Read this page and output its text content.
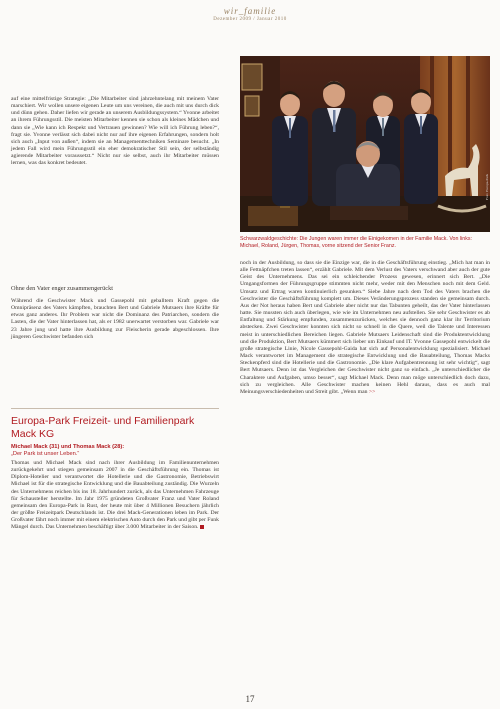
wir_familie
Dezember 2009 / Januar 2010
Foto: Europa-Park
Schwarzwaldgeschichte: Die Jungen waren immer die Einigekomen in der Familie Mack. Von links: Michael, Roland, Jürgen, Thomas, vorne sitzend der Senior Franz.

auf eine mittelfristige Strategie: „Die Mitarbeiter sind jahrzehntelang mit meinem Vater marschiert. Wir wollen unsere eigenen Leute um uns vereinen, die auch mit uns durch dick und dünn gehen. Daher liefen wir gerade an unserem Ausbildungssystem.“ Yvonne arbeitet an ihrem Führungsstil. Die meisten Mitarbeiter kennen sie schon als kleines Mädchen und dann sie „Wie kann ich Respekt und Vertrauen gewinnen? Wie will ich Führung leben?“, fragt sie. Yvonne verlässt sich dabei nicht nur auf ihre eigenen Erfahrungen, sondern holt sich auch „Input von außen“, indem sie an Managementtechniken Seminare besucht. „In jedem Fall wird mein Führungsstil ein eher demokratischer Stil sein, der selbständig agierende Mitarbeiter voraussetzt.“ Nicht nur sie selbst, auch ihr Mitarbeiter müssen lernen, was das konkret bedeutet.

Ohne den Vater enger zusammengerückt

Während die Geschwister Mack und Gassepohl mit geballtem Kraft gegen die Omnipräsenz des Vaters kämpften, brauchten Bert und Gabriele Mutsaers ihre Kräfte für etwas ganz anderes. Ihr Problem war nicht die Dominanz des Patriarchen, sondern die Lasten, die der Vater hinterlassen hat, als er 1982 unerwartet verstorben war. Gabriele war 23 Jahre jung und hatte ihre Ausbildung zur Fleischerin gerade abgeschlossen. Ihre jüngeren Geschwister befanden sich

Europa-Park Freizeit- und Familienpark Mack KG
Michael Mack (31) und Thomas Mack (28):
„Der Park ist unser Leben.“

Thomas und Michael Mack sind nach ihrer Ausbildung im Familienunternehmen zurückgekehrt und stiegen gemeinsam 2007 in die Geschäftsführung ein. Thomas ist Diplom-Hotelier und verantwortet die Hotellerie und die Gastronomie, Betriebswirt Michael ist für die strategische Entwicklung und die Bauabteilung zuständig. Die Wurzeln des Unternehmens reichen bis ins 18. Jahrhundert zurück, als das Unternehmen Fahrzeuge für Schausteller herstellte. Im Jahr 1975 gründeten Großvater Franz und Vater Roland gemeinsam den Europa-Park in Rust, der heute mit über 4 Millionen Besuchern jährlich der größte Freizeitpark Deutschlands ist. Die drei Mack-Generationen leben im Park. Der Großvater fährt noch immer mit einem elektrischen Auto durch den Park und gibt per Funk Mängel durch. Das Unternehmen beschäftigt über 3.000 Mitarbeiter in der Saison.

noch in der Ausbildung, so dass sie die Einzige war, die in die Geschäftsführung einstieg. „Mich hat man in alle Fettnäpfchen treten lassen“, erzählt Gabriele. Mit dem Verlust des Vaters verschwand aber auch der gute Geist des Unternehmens. Das sei ein schleichender Prozess gewesen, erinnert sich Bert. „Die Umgangsformen der Führungsgruppe stimmten nicht mehr, weder mit den Menschen noch mit dem Geld. Umsatz und Ertrag waren kontinuierlich gesunken.“ Siebe Jahre nach dem Tod des Vaters brachen die Geschwister die Geschäftsführung komplett um. Dieses Veränderungsprozess standen sie gemeinsam durch. Aus der Not heraus haben Bert und Gabriele aber nicht nur das Tabunten geheilt, das der Vater hinterlassen hatte. Sie mussten sich auch überlegen, wie wie im Unternehmen neu aufstellen. Sie sehr Geschwister es ab Entfaltung und Stärkung empfunden, zusammenzurücken, welches sie dennoch ganz klar ihr Territorium abstecken. Zwei Geschwister konnten sich nicht so schnell in die Quere, weil die Talente und Interessen meist in unterschiedlichen Bereichen liegen. Gabriele Mutsaers Leidenschaft sind die Produktentwicklung und die Produktion, Bert Mutsaers kümmert sich lieber um Einkauf und IT. Yvonne Gassepohl entwickelt die große strategische Linie, Nicole Gassepohl-Gaida hat sich auf Personalentwicklung spezialisiert. Michael Mack verantwortet im Management die strategische Entwicklung und die Bauabteilung, Thomas Macks Steckenpferd sind die Hotellerie und die Gastronomie. „Die klare Aufgabentrennung ist sehr wichtig“, sagt Bert Mutsaers. Denn ist das Vergleichen der Geschwister nicht ganz so einfach. „Je unterschiedlicher die Charaktere und Aufgaben, umso besser“, sagt Michael Mack. Denn man möge unterschiedlich doch dazu, sich zu vergleichen. Alle Geschwister machen keinen Hehl daraus, dass es auch mal Meinungsverschiedenheiten und Streit gibt. „Wenn man >>

17
